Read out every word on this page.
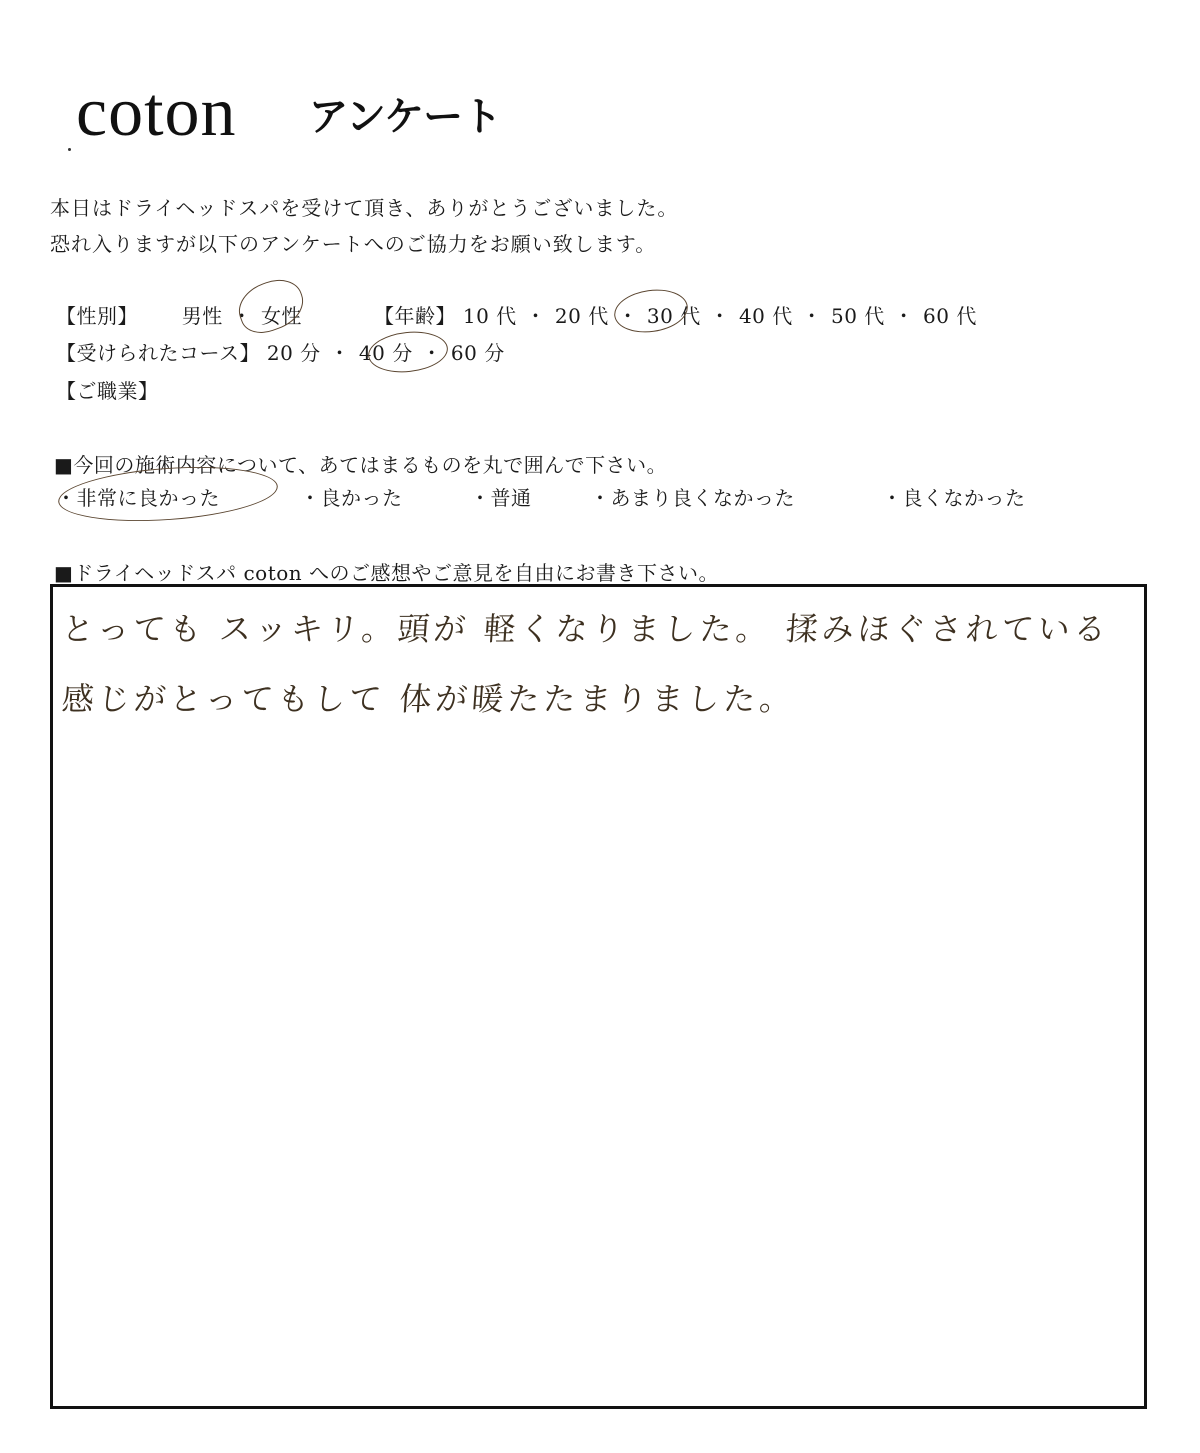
coton アンケート

本日はドライヘッドスパを受けて頂き、ありがとうございました。

恐れ入りますが以下のアンケートへのご協力をお願い致します。

【性別】 男性 ・ 女性	【年齢】 10 代 ・ 20 代 ・ 30 代 ・ 40 代 ・ 50 代 ・ 60 代
【受けられたコース】 20 分 ・ 40 分 ・ 60 分
【ご職業】
■今回の施術内容について、あてはまるものを丸で囲んで下さい。
・非常に良かった	・良かった	・普通	・あまり良くなかった	・良くなかった
■ドライヘッドスパ coton へのご感想やご意見を自由にお書き下さい。
とっても スッキリ。頭が 軽くなりました。 揉みほぐされている
感じがとってもして 体が暖たたまりました。
